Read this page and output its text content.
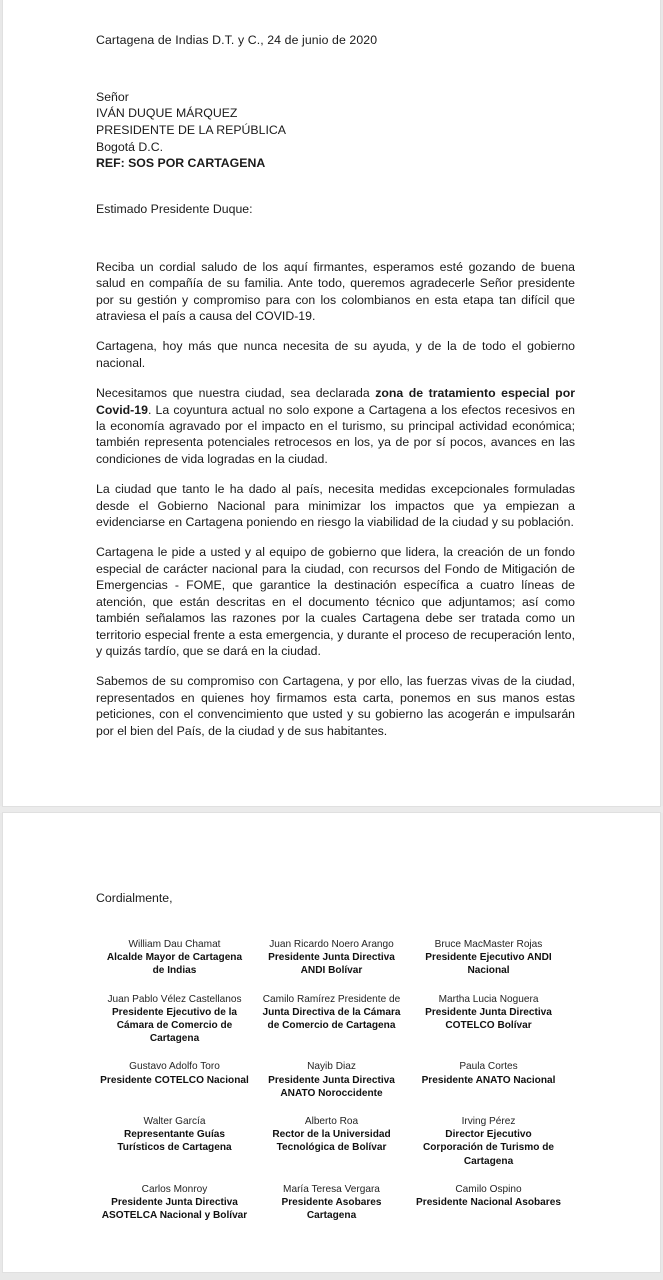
Cartagena de Indias D.T. y C., 24 de junio de 2020
Señor
IVÁN DUQUE MÁRQUEZ
PRESIDENTE DE LA REPÚBLICA
Bogotá D.C.
REF: SOS POR CARTAGENA
Estimado Presidente Duque:

Reciba un cordial saludo de los aquí firmantes, esperamos esté gozando de buena salud en compañía de su familia. Ante todo, queremos agradecerle Señor presidente por su gestión y compromiso para con los colombianos en esta etapa tan difícil que atraviesa el país a causa del COVID-19.

Cartagena, hoy más que nunca necesita de su ayuda, y de la de todo el gobierno nacional.

Necesitamos que nuestra ciudad, sea declarada zona de tratamiento especial por Covid-19. La coyuntura actual no solo expone a Cartagena a los efectos recesivos en la economía agravado por el impacto en el turismo, su principal actividad económica; también representa potenciales retrocesos en los, ya de por sí pocos, avances en las condiciones de vida logradas en la ciudad.

La ciudad que tanto le ha dado al país, necesita medidas excepcionales formuladas desde el Gobierno Nacional para minimizar los impactos que ya empiezan a evidenciarse en Cartagena poniendo en riesgo la viabilidad de la ciudad y su población.

Cartagena le pide a usted y al equipo de gobierno que lidera, la creación de un fondo especial de carácter nacional para la ciudad, con recursos del Fondo de Mitigación de Emergencias - FOME, que garantice la destinación específica a cuatro líneas de atención, que están descritas en el documento técnico que adjuntamos; así como también señalamos las razones por la cuales Cartagena debe ser tratada como un territorio especial frente a esta emergencia, y durante el proceso de recuperación lento, y quizás tardío, que se dará en la ciudad.

Sabemos de su compromiso con Cartagena, y por ello, las fuerzas vivas de la ciudad, representados en quienes hoy firmamos esta carta, ponemos en sus manos estas peticiones, con el convencimiento que usted y su gobierno las acogerán e impulsarán por el bien del País, de la ciudad y de sus habitantes.

Cordialmente,
William Dau Chamat
Alcalde Mayor de Cartagena de Indias
Juan Ricardo Noero Arango
Presidente Junta Directiva ANDI Bolívar
Bruce MacMaster Rojas
Presidente Ejecutivo ANDI Nacional
Juan Pablo Vélez Castellanos
Presidente Ejecutivo de la Cámara de Comercio de Cartagena
Camilo Ramírez Presidente de
Junta Directiva de la Cámara de Comercio de Cartagena
Martha Lucia Noguera
Presidente Junta Directiva COTELCO Bolívar
Gustavo Adolfo Toro
Presidente COTELCO Nacional
Nayib Diaz
Presidente Junta Directiva ANATO Noroccidente
Paula Cortes
Presidente ANATO Nacional
Walter García
Representante Guías Turísticos de Cartagena
Alberto Roa
Rector de la Universidad Tecnológica de Bolívar
Irving Pérez
Director Ejecutivo Corporación de Turismo de Cartagena
Carlos Monroy
Presidente Junta Directiva ASOTELCA Nacional y Bolívar
María Teresa Vergara
Presidente Asobares Cartagena
Camilo Ospino
Presidente Nacional Asobares
